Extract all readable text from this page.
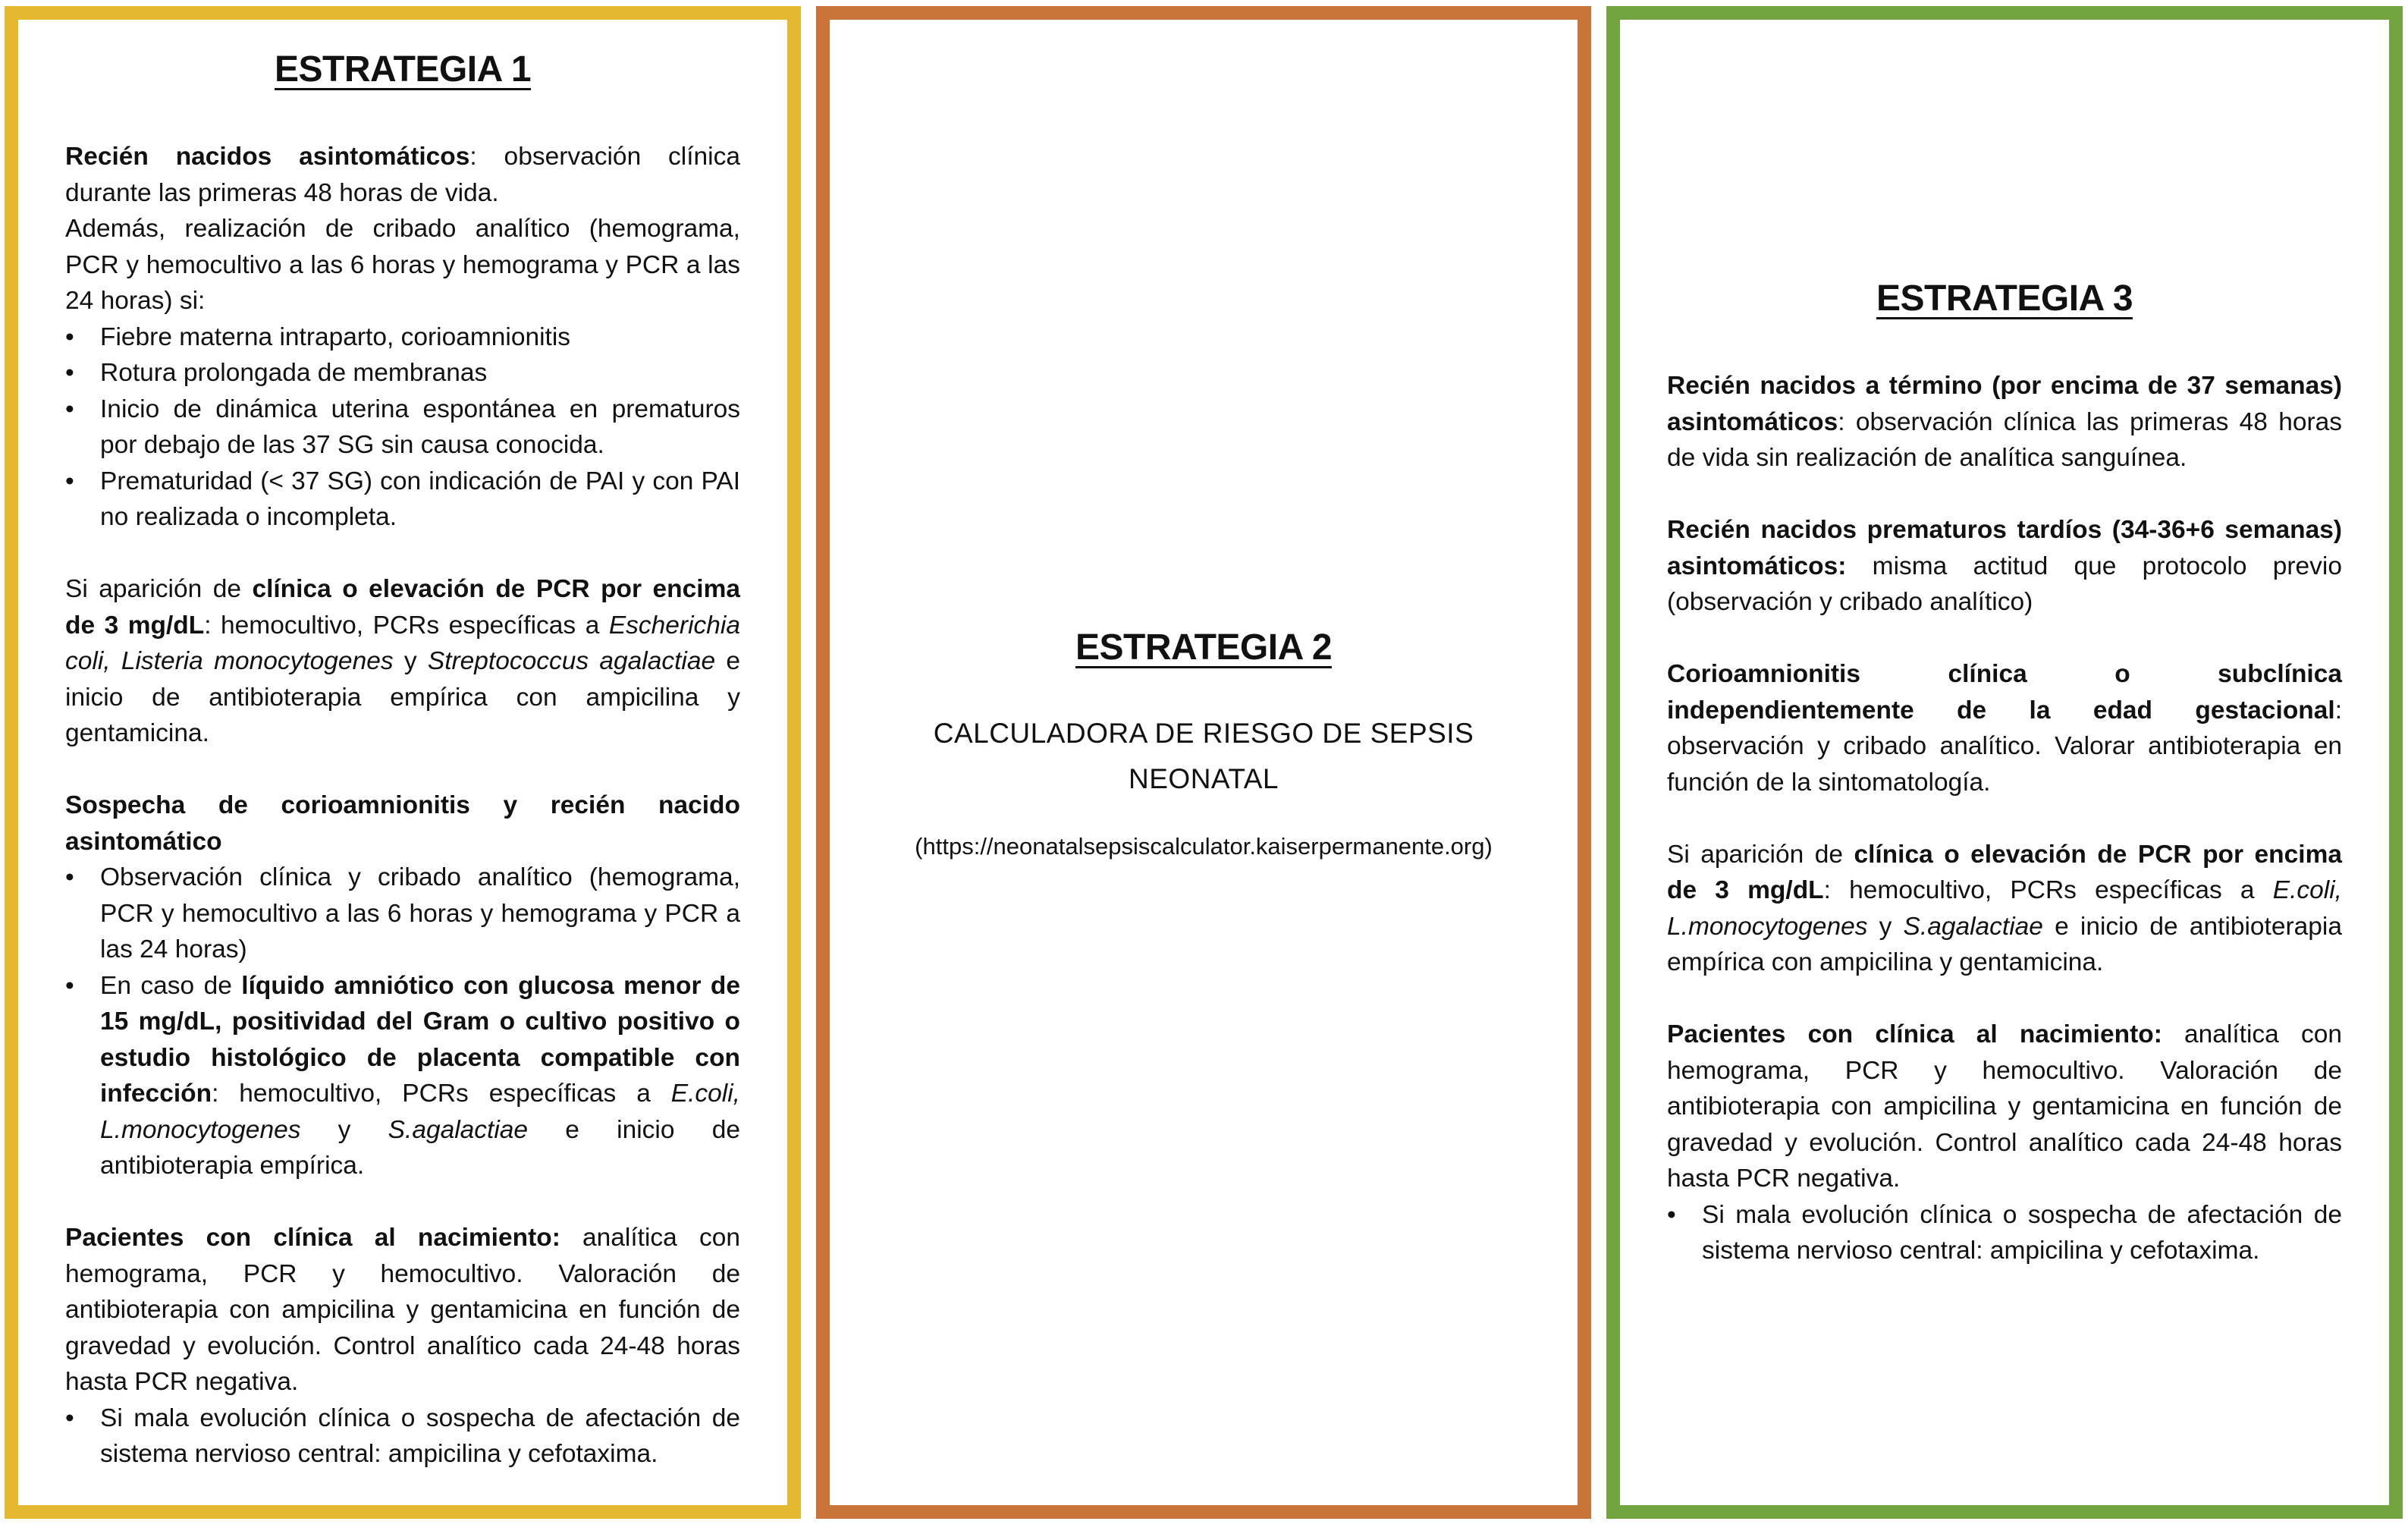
ESTRATEGIA 1

Recién nacidos asintomáticos: observación clínica durante las primeras 48 horas de vida.

Además, realización de cribado analítico (hemograma, PCR y hemocultivo a las 6 horas y hemograma y PCR a las 24 horas) si:

• Fiebre materna intraparto, corioamnionitis
• Rotura prolongada de membranas
• Inicio de dinámica uterina espontánea en prematuros por debajo de las 37 SG sin causa conocida.
• Prematuridad (< 37 SG) con indicación de PAI y con PAI no realizada o incompleta.

Si aparición de clínica o elevación de PCR por encima de 3 mg/dL: hemocultivo, PCRs específicas a Escherichia coli, Listeria monocytogenes y Streptococcus agalactiae e inicio de antibioterapia empírica con ampicilina y gentamicina.

Sospecha de corioamnionitis y recién nacido asintomático

• Observación clínica y cribado analítico (hemograma, PCR y hemocultivo a las 6 horas y hemograma y PCR a las 24 horas)
• En caso de líquido amniótico con glucosa menor de 15 mg/dL, positividad del Gram o cultivo positivo o estudio histológico de placenta compatible con infección: hemocultivo, PCRs específicas a E.coli, L.monocytogenes y S.agalactiae e inicio de antibioterapia empírica.

Pacientes con clínica al nacimiento: analítica con hemograma, PCR y hemocultivo. Valoración de antibioterapia con ampicilina y gentamicina en función de gravedad y evolución. Control analítico cada 24-48 horas hasta PCR negativa.

• Si mala evolución clínica o sospecha de afectación de sistema nervioso central: ampicilina y cefotaxima.
ESTRATEGIA 2
CALCULADORA DE RIESGO DE SEPSIS
NEONATAL
(https://neonatalsepsiscalculator.kaiserpermanente.org)
ESTRATEGIA 3

Recién nacidos a término (por encima de 37 semanas) asintomáticos: observación clínica las primeras 48 horas de vida sin realización de analítica sanguínea.

Recién nacidos prematuros tardíos (34-36+6 semanas) asintomáticos: misma actitud que protocolo previo (observación y cribado analítico)

Corioamnionitis clínica o subclínica independientemente de la edad gestacional: observación y cribado analítico. Valorar antibioterapia en función de la sintomatología.

Si aparición de clínica o elevación de PCR por encima de 3 mg/dL: hemocultivo, PCRs específicas a E.coli, L.monocytogenes y S.agalactiae e inicio de antibioterapia empírica con ampicilina y gentamicina.

Pacientes con clínica al nacimiento: analítica con hemograma, PCR y hemocultivo. Valoración de antibioterapia con ampicilina y gentamicina en función de gravedad y evolución. Control analítico cada 24-48 horas hasta PCR negativa.

• Si mala evolución clínica o sospecha de afectación de sistema nervioso central: ampicilina y cefotaxima.
